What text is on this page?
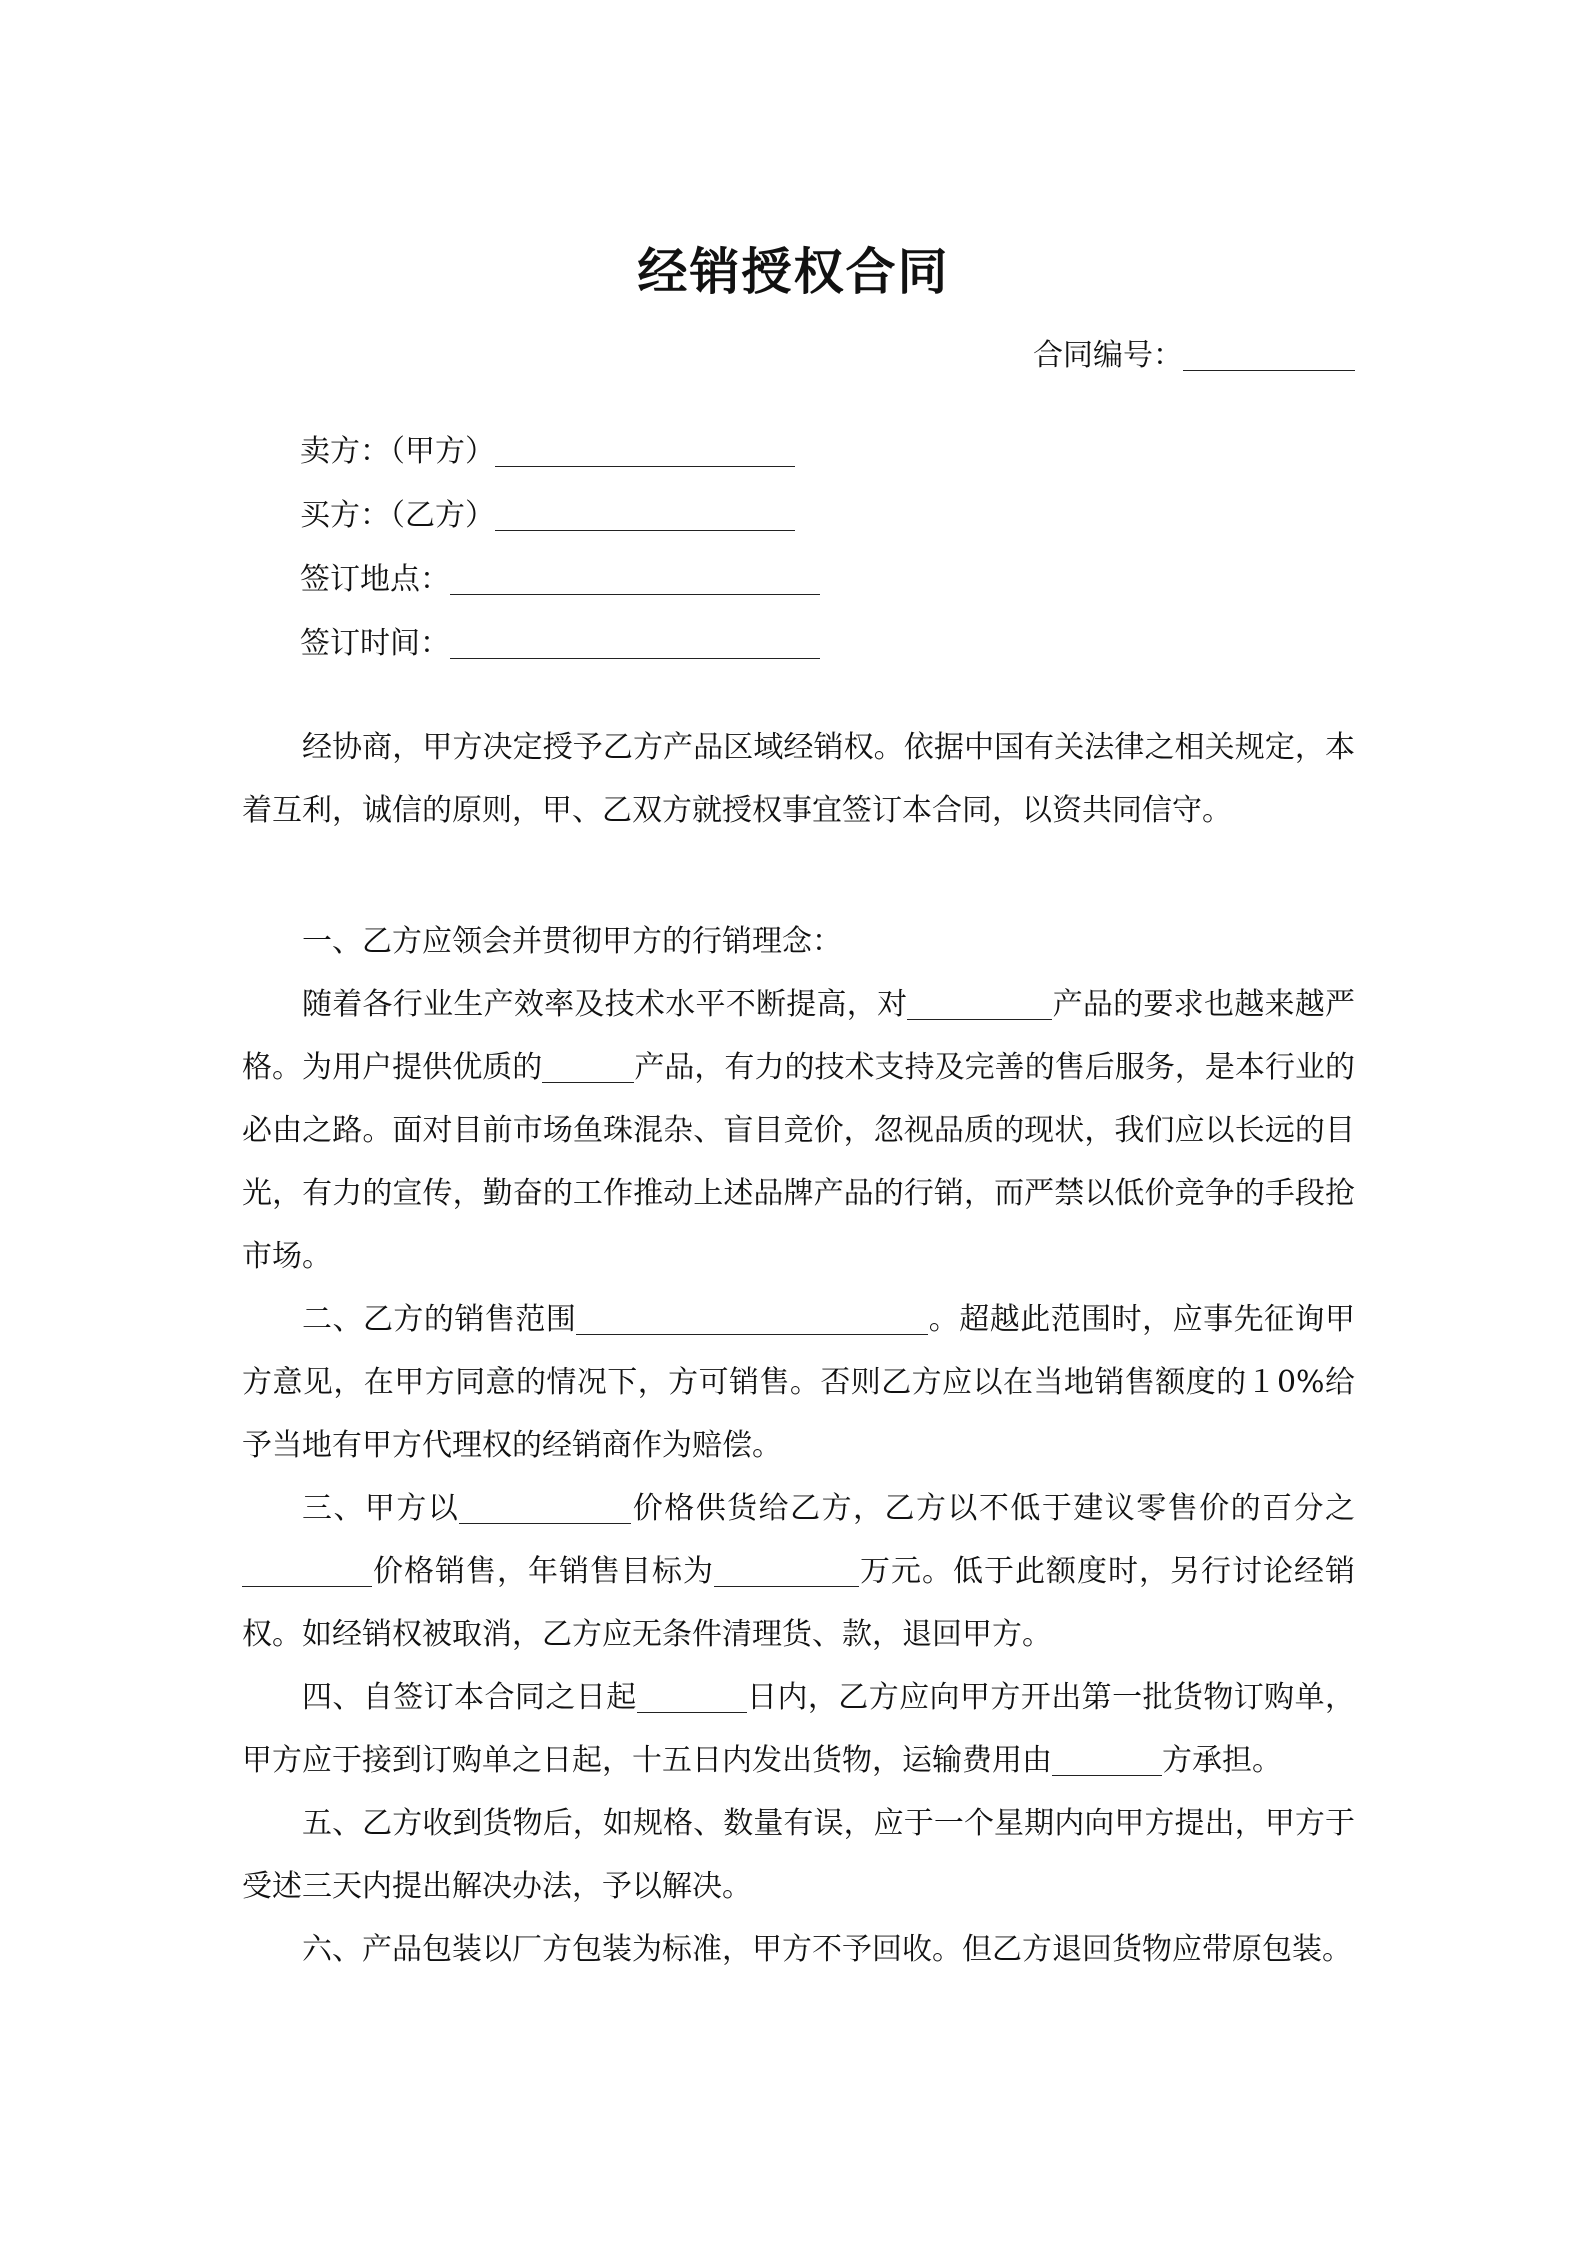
经销授权合同
合同编号：
卖方：（甲方）
买方：（乙方）
签订地点：
签订时间：

经协商，甲方决定授予乙方产品区域经销权。依据中国有关法律之相关规定，本着互利，诚信的原则，甲、乙双方就授权事宜签订本合同，以资共同信守。

一、乙方应领会并贯彻甲方的行销理念：

随着各行业生产效率及技术水平不断提高，对	产品的要求也越来越严格。为用户提供优质的	产品，有力的技术支持及完善的售后服务，是本行业的必由之路。面对目前市场鱼珠混杂、盲目竞价，忽视品质的现状，我们应以长远的目光，有力的宣传，勤奋的工作推动上述品牌产品的行销，而严禁以低价竞争的手段抢市场。

二、乙方的销售范围	。超越此范围时，应事先征询甲方意见，在甲方同意的情况下，方可销售。否则乙方应以在当地销售额度的１0%给予当地有甲方代理权的经销商作为赔偿。

三、甲方以	价格供货给乙方，乙方以不低于建议零售价的百分之价格销售，年销售目标为	万元。低于此额度时，另行讨论经销权。如经销权被取消，乙方应无条件清理货、款，退回甲方。

四、自签订本合同之日起	日内，乙方应向甲方开出第一批货物订购单，甲方应于接到订购单之日起，十五日内发出货物，运输费用由	方承担。

五、乙方收到货物后，如规格、数量有误，应于一个星期内向甲方提出，甲方于受述三天内提出解决办法，予以解决。

六、产品包装以厂方包装为标准，甲方不予回收。但乙方退回货物应带原包装。
